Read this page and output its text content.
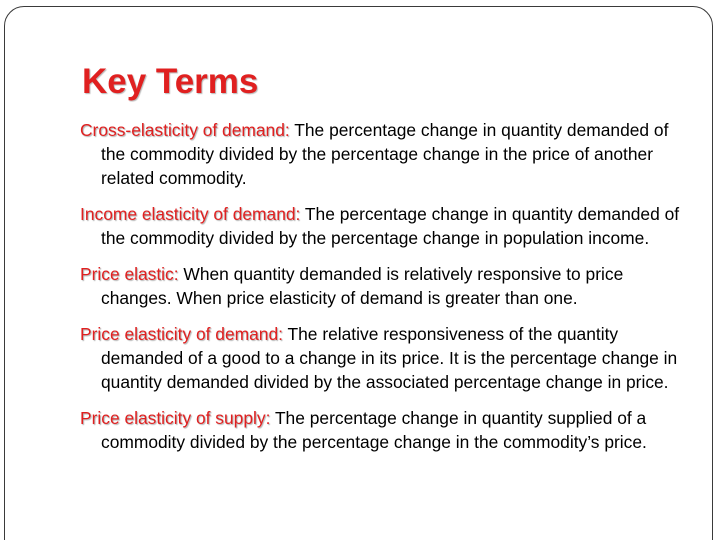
Key Terms
Cross-elasticity of demand: The percentage change in quantity demanded of the commodity divided by the percentage change in the price of another related commodity.
Income elasticity of demand: The percentage change in quantity demanded of the commodity divided by the percentage change in population income.
Price elastic: When quantity demanded is relatively responsive to price changes. When price elasticity of demand is greater than one.
Price elasticity of demand: The relative responsiveness of the quantity demanded of a good to a change in its price. It is the percentage change in quantity demanded divided by the associated percentage change in price.
Price elasticity of supply: The percentage change in quantity supplied of a commodity divided by the percentage change in the commodity’s price.
